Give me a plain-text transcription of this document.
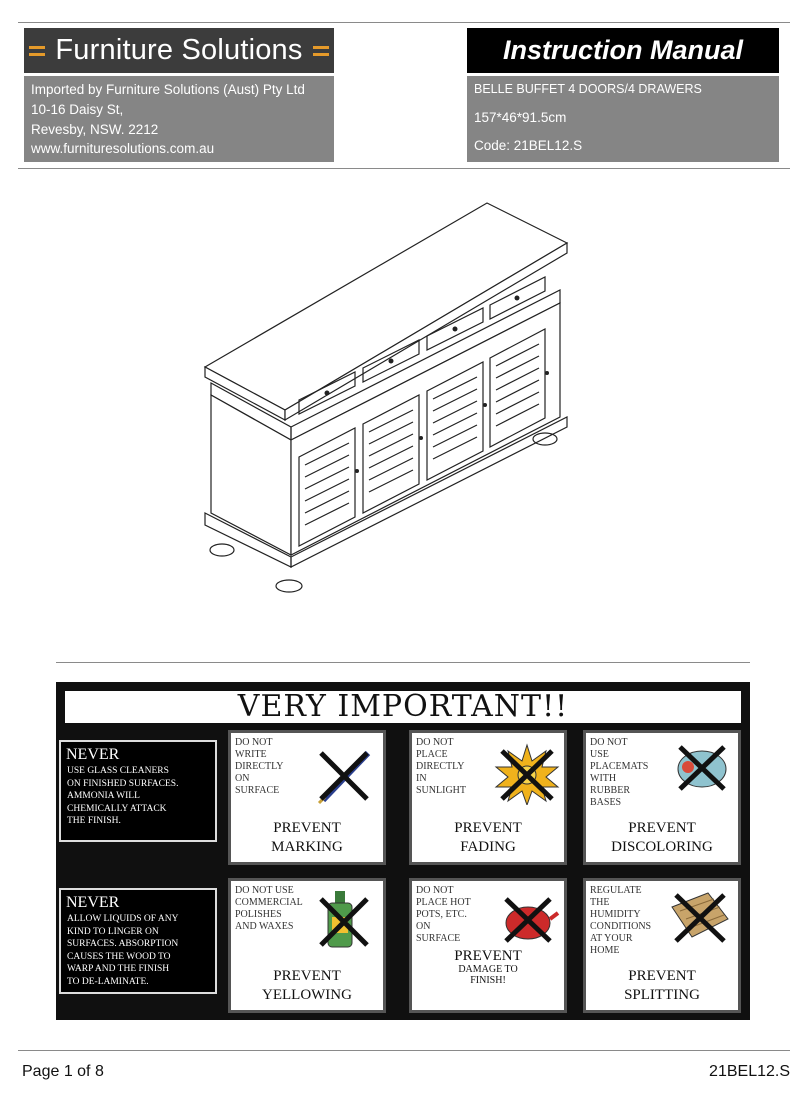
Furniture Solutions	Instruction Manual
Imported by Furniture Solutions (Aust) Pty Ltd
10-16 Daisy St,
Revesby, NSW. 2212
www.furnituresolutions.com.au
BELLE BUFFET 4 DOORS/4 DRAWERS
157*46*91.5cm
Code: 21BEL12.S
VERY IMPORTANT!!
NEVER
USE GLASS CLEANERS
ON FINISHED SURFACES.
AMMONIA WILL
CHEMICALLY ATTACK
THE FINISH.
NEVER
ALLOW LIQUIDS OF ANY
KIND TO LINGER ON
SURFACES. ABSORPTION
CAUSES THE WOOD TO
WARP AND THE FINISH
TO DE-LAMINATE.
DO NOT
WRITE
DIRECTLY
ON
SURFACE
PREVENT
MARKING
DO NOT
PLACE
DIRECTLY
IN
SUNLIGHT
PREVENT
FADING
DO NOT
USE
PLACEMATS
WITH
RUBBER
BASES
PREVENT
DISCOLORING
DO NOT USE
COMMERCIAL
POLISHES
AND WAXES
PREVENT
YELLOWING
DO NOT
PLACE HOT
POTS, ETC.
ON
SURFACE

PREVENT

DAMAGE TO
FINISH!

REGULATE
THE
HUMIDITY
CONDITIONS
AT YOUR
HOME
PREVENT
SPLITTING
Page 1 of 8	21BEL12.S
